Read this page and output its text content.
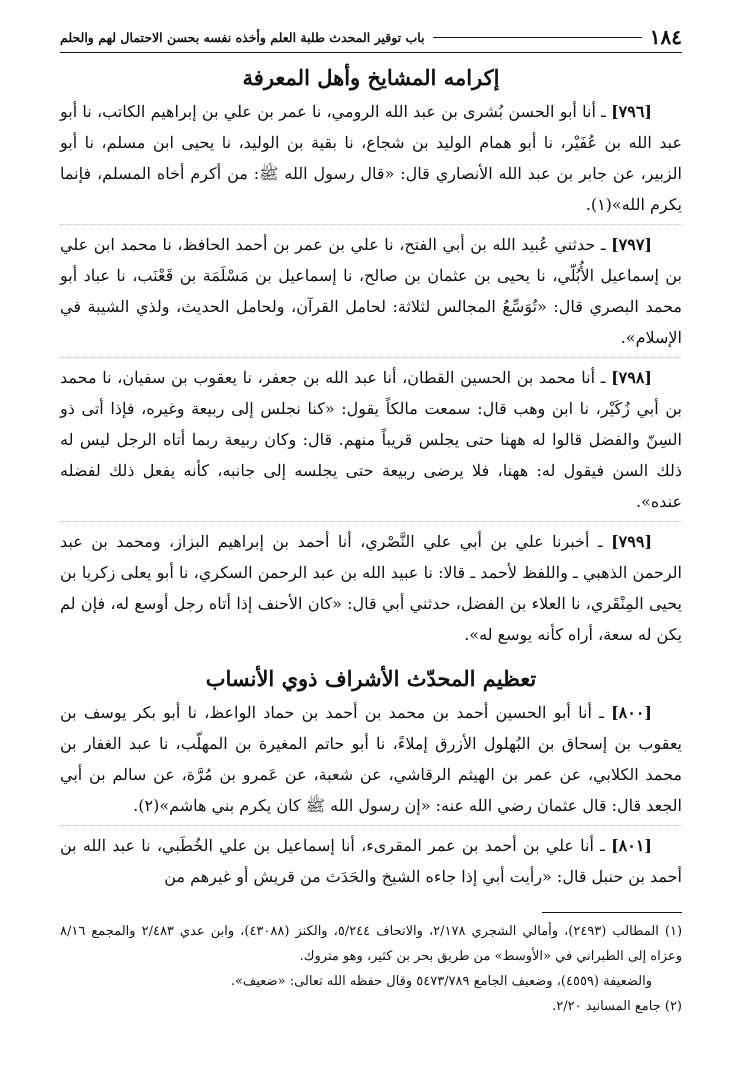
١٨٤
باب توقير المحدث طلبة العلم وأخذه نفسه بحسن الاحتمال لهم والحلم
إكرامه المشايخ وأهل المعرفة

[٧٩٦] ـ أنا أبو الحسن بُشرى بن عبد الله الرومي، نا عمر بن علي بن إبراهيم الكاتب، نا أبو عبد الله بن عُفَيْر، نا أبو همام الوليد بن شجاع، نا بقية بن الوليد، نا يحيى ابن مسلم، نا أبو الزبير، عن جابر بن عبد الله الأنصاري قال: «قال رسول الله ﷺ: من أكرم أخاه المسلم، فإنما يكرم الله»(١).

[٧٩٧] ـ حدثني عُبيد الله بن أبي الفتح، نا علي بن عمر بن أحمد الحافظ، نا محمد ابن علي بن إسماعيل الأُبُلّي، نا يحيى بن عثمان بن صالح، نا إسماعيل بن مَسْلَمَة بن قَعْنَب، نا عباد أبو محمد البصري قال: «تُوَسِّعُ المجالس لثلاثة: لحامل القرآن، ولحامل الحديث، ولذي الشيبة في الإسلام».

[٧٩٨] ـ أنا محمد بن الحسين القطان، أنا عبد الله بن جعفر، نا يعقوب بن سفيان، نا محمد بن أبي زُكَيْر، نا ابن وهب قال: سمعت مالكاً يقول: «كنا نجلس إلى ربيعة وغيره، فإذا أتى ذو السِنّ والفضل قالوا له ههنا حتى يجلس قريباً منهم. قال: وكان ربيعة ربما أتاه الرجل ليس له ذلك السن فيقول له: ههنا، فلا يرضى ربيعة حتى يجلسه إلى جانبه، كأنه يفعل ذلك لفضله عنده».

[٧٩٩] ـ أخبرنا علي بن أبي علي النَّصْري، أنا أحمد بن إبراهيم البزاز، ومحمد بن عبد الرحمن الذهبي ـ واللفظ لأحمد ـ قالا: نا عبيد الله بن عبد الرحمن السكري، نا أبو يعلى زكريا بن يحيى المِنْقَري، نا العلاء بن الفضل، حدثني أبي قال: «كان الأحنف إذا أتاه رجل أوسع له، فإن لم يكن له سعة، أراه كأنه يوسع له».

تعظيم المحدّث الأشراف ذوي الأنساب

[٨٠٠] ـ أنا أبو الحسين أحمد بن محمد بن أحمد بن حماد الواعظ، نا أبو بكر يوسف بن يعقوب بن إسحاق بن البُهلول الأزرق إملاءً، نا أبو حاتم المغيرة بن المهلّب، نا عبد الغفار بن محمد الكلابي، عن عمر بن الهيثم الرقاشي، عن شعبة، عن عَمرو بن مُرَّة، عن سالم بن أبي الجعد قال: قال عثمان رضي الله عنه: «إن رسول الله ﷺ كان يكرم بني هاشم»(٢).

[٨٠١] ـ أنا علي بن أحمد بن عمر المقرىء، أنا إسماعيل بن علي الخُطَبي، نا عبد الله بن أحمد بن حنبل قال: «رأيت أبي إذا جاءه الشيخ والحَدَث من قريش أو غيرهم من

(١) المطالب (٢٤٩٣)، وأمالي الشجري ٢/١٧٨، والاتحاف ٥/٢٤٤، والكنز (٤٣٠٨٨)، وابن عدي ٢/٤٨٣ والمجمع ٨/١٦ وعزاه إلى الطبراني في «الأوسط» من طريق بحر بن كثير، وهو متروك.

والضعيفة (٤٥٥٩)، وضعيف الجامع ٥٤٧٣/٧٨٩ وقال حفظه الله تعالى: «ضعيف».

(٢) جامع المسانيد ٢/٢٠.
